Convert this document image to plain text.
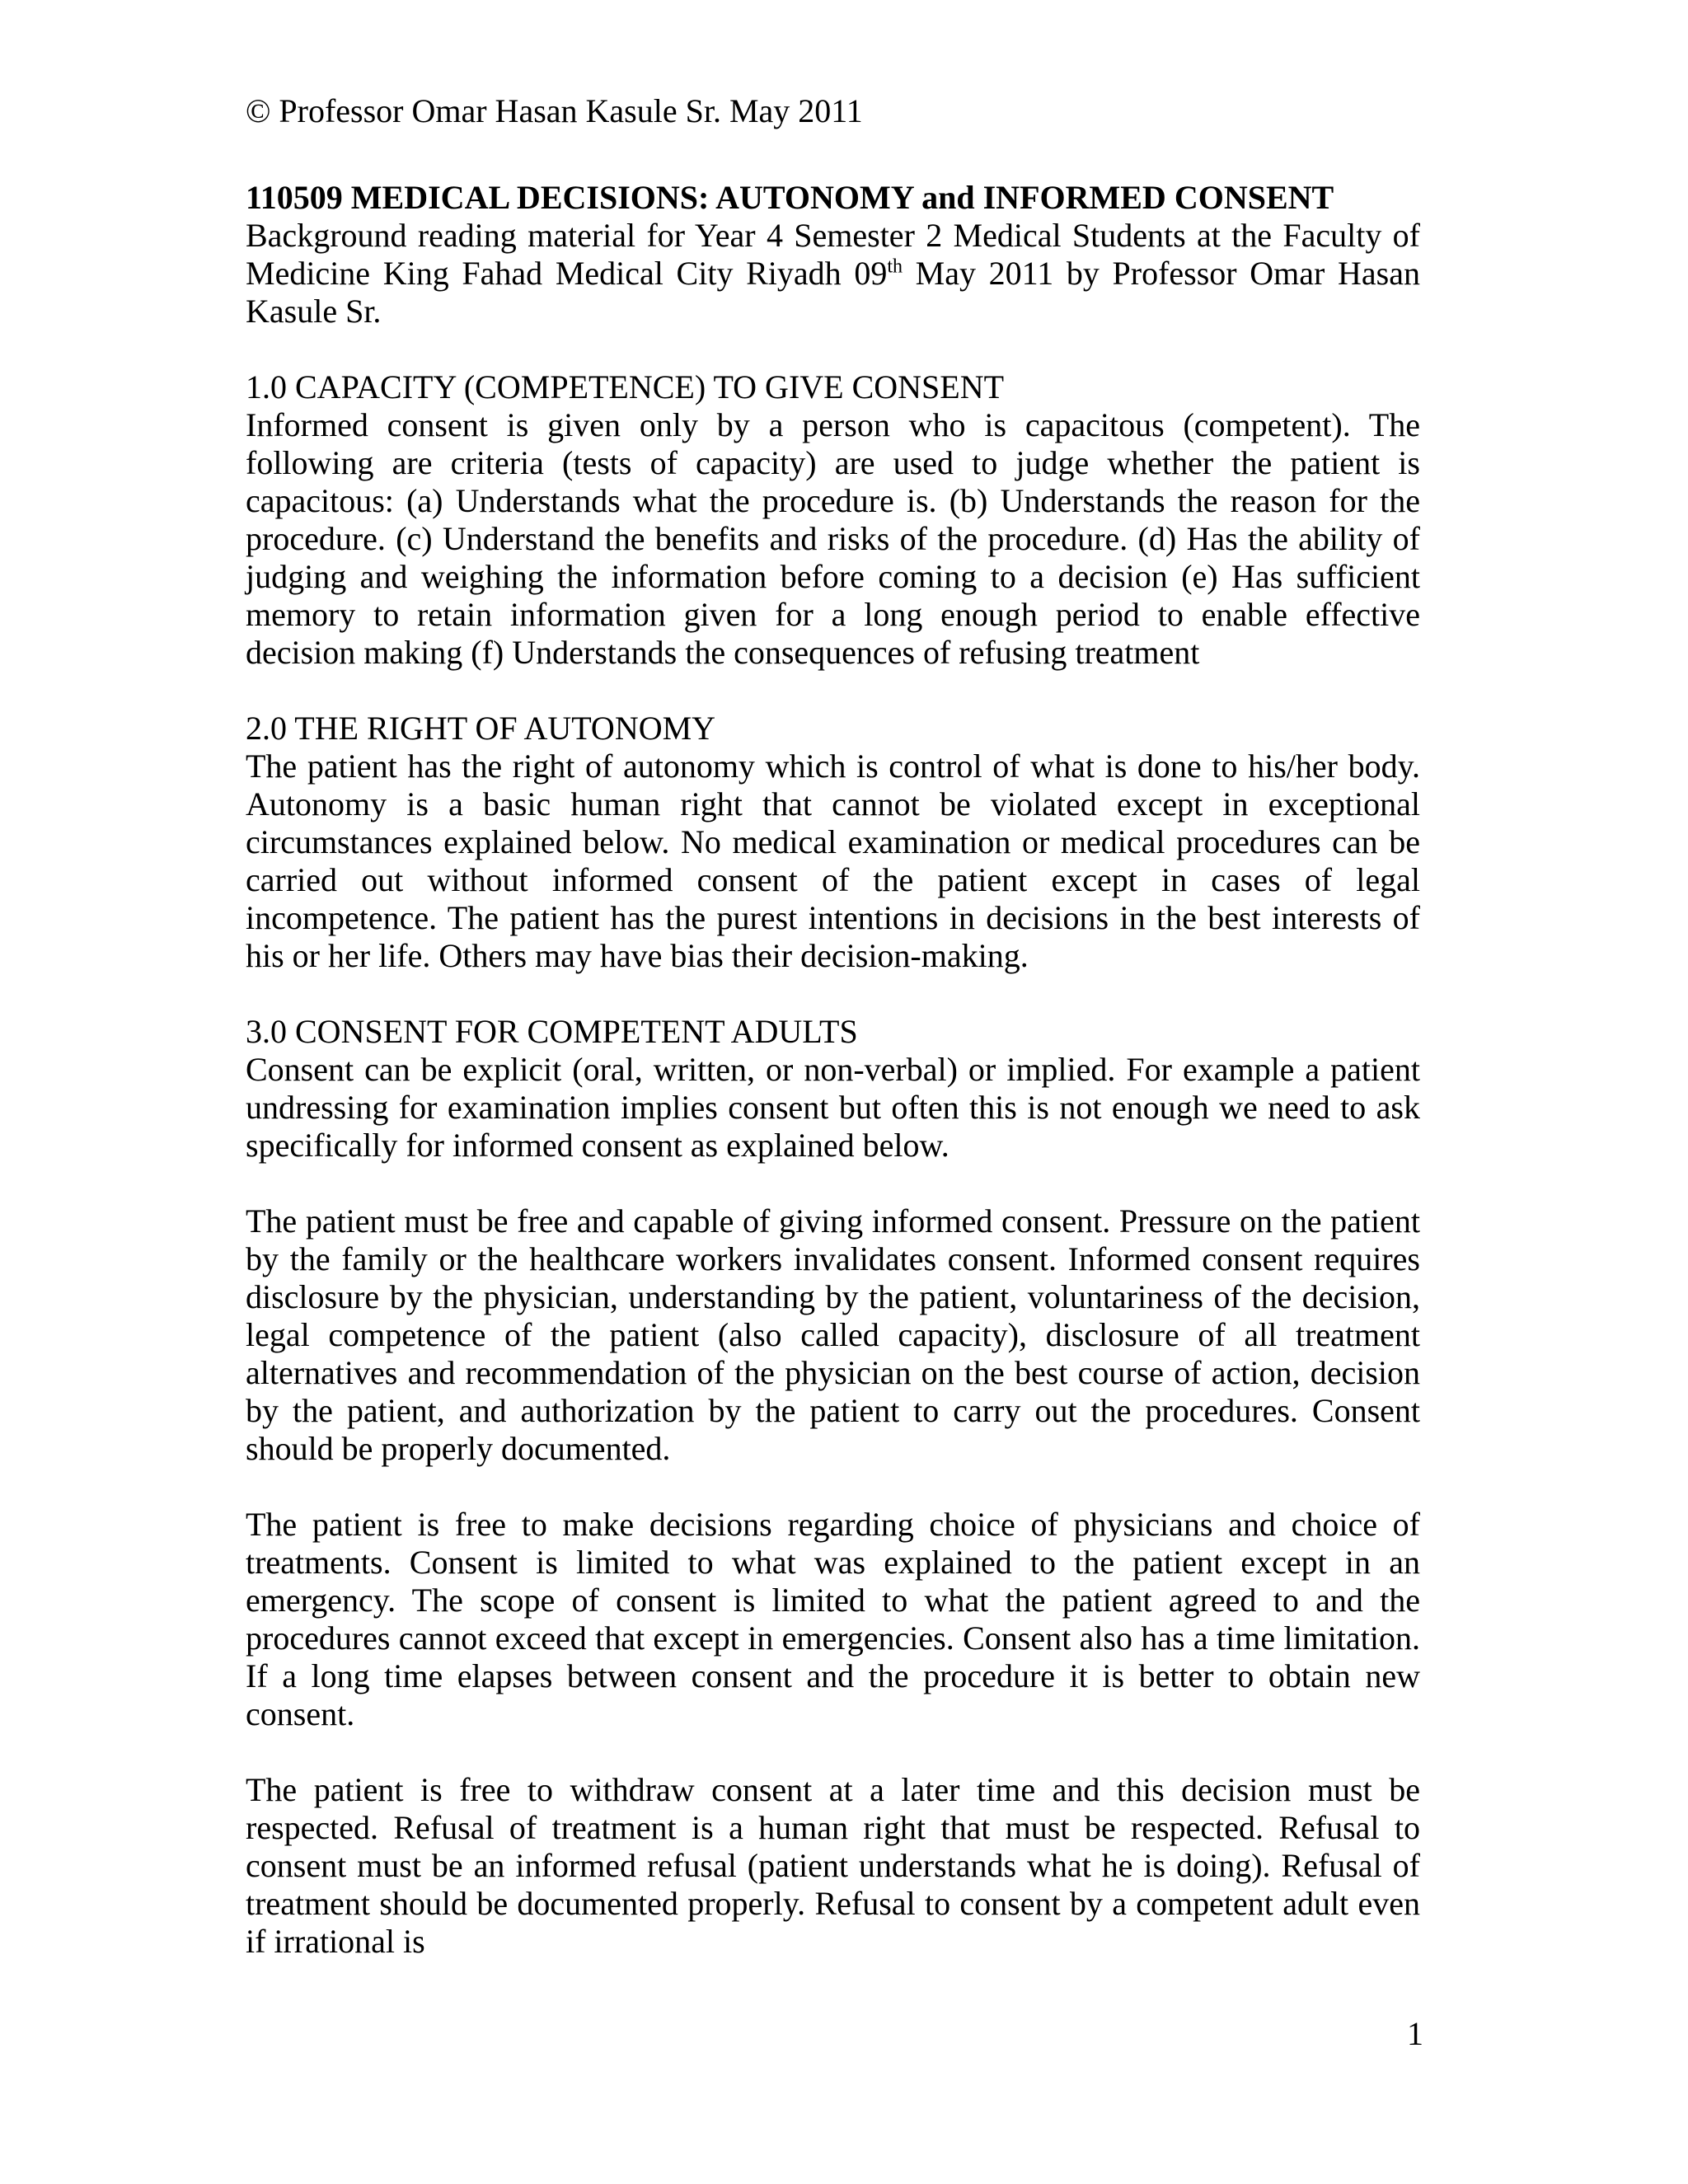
© Professor Omar Hasan Kasule Sr. May 2011

110509 MEDICAL DECISIONS: AUTONOMY and INFORMED CONSENT

Background reading material for Year 4 Semester 2 Medical Students at the Faculty of Medicine King Fahad Medical City Riyadh 09th May 2011 by Professor Omar Hasan Kasule Sr.

1.0 CAPACITY (COMPETENCE) TO GIVE CONSENT

Informed consent is given only by a person who is capacitous (competent). The following are criteria (tests of capacity) are used to judge whether the patient is capacitous: (a) Understands what the procedure is. (b) Understands the reason for the procedure. (c) Understand the benefits and risks of the procedure. (d) Has the ability of judging and weighing the information before coming to a decision (e) Has sufficient memory to retain information given for a long enough period to enable effective decision making (f) Understands the consequences of refusing treatment

2.0 THE RIGHT OF AUTONOMY

The patient has the right of autonomy which is control of what is done to his/her body. Autonomy is a basic human right that cannot be violated except in exceptional circumstances explained below. No medical examination or medical procedures can be carried out without informed consent of the patient except in cases of legal incompetence. The patient has the purest intentions in decisions in the best interests of his or her life. Others may have bias their decision-making.

3.0 CONSENT FOR COMPETENT ADULTS

Consent can be explicit (oral, written, or non-verbal) or implied. For example a patient undressing for examination implies consent but often this is not enough we need to ask specifically for informed consent as explained below.

The patient must be free and capable of giving informed consent. Pressure on the patient by the family or the healthcare workers invalidates consent. Informed consent requires disclosure by the physician, understanding by the patient, voluntariness of the decision, legal competence of the patient (also called capacity), disclosure of all treatment alternatives and recommendation of the physician on the best course of action, decision by the patient, and authorization by the patient to carry out the procedures. Consent should be properly documented.

The patient is free to make decisions regarding choice of physicians and choice of treatments. Consent is limited to what was explained to the patient except in an emergency. The scope of consent is limited to what the patient agreed to and the procedures cannot exceed that except in emergencies. Consent also has a time limitation. If a long time elapses between consent and the procedure it is better to obtain new consent.

The patient is free to withdraw consent at a later time and this decision must be respected. Refusal of treatment is a human right that must be respected. Refusal to consent must be an informed refusal (patient understands what he is doing). Refusal of treatment should be documented properly. Refusal to consent by a competent adult even if irrational is

1
